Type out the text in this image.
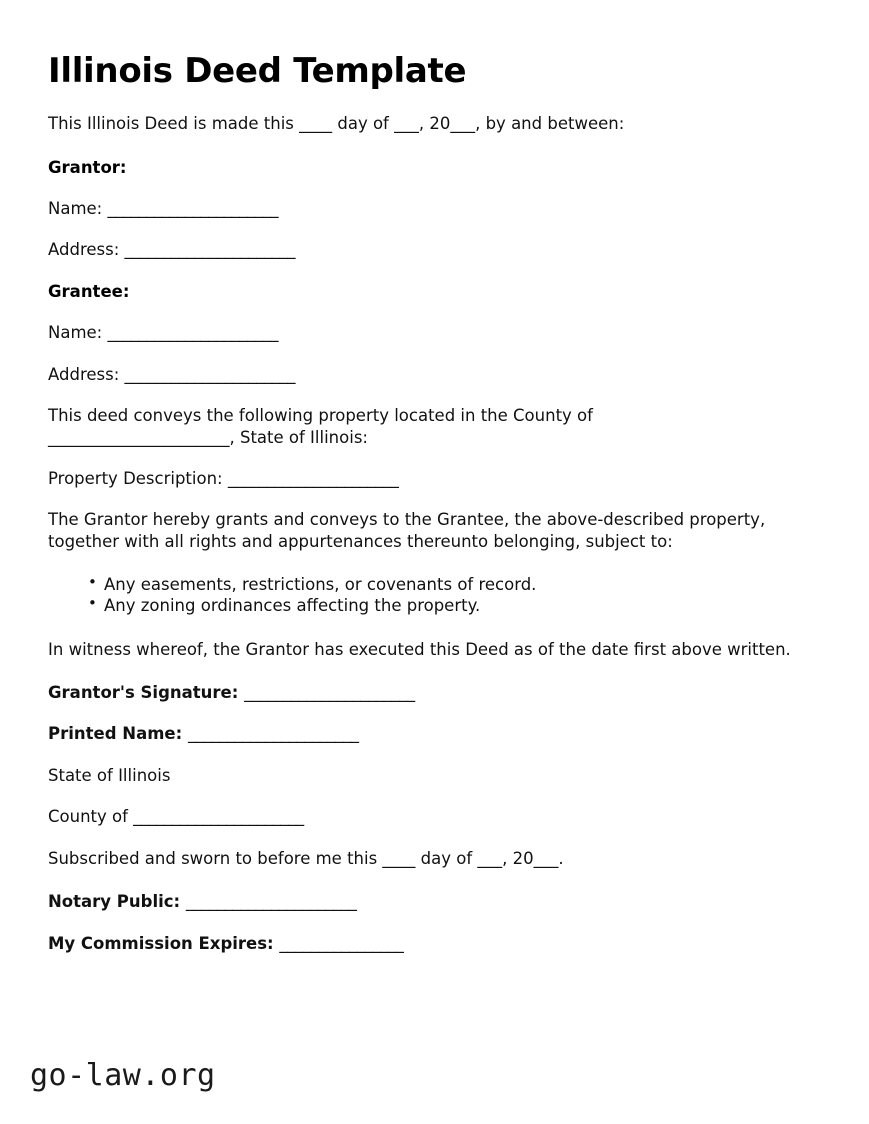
Illinois Deed Template

This Illinois Deed is made this ____ day of ___, 20___, by and between:

Grantor:

Name: ______________________

Address: ______________________

Grantee:

Name: ______________________

Address: ______________________

This deed conveys the following property located in the County of ______________________, State of Illinois:

Property Description: ______________________

The Grantor hereby grants and conveys to the Grantee, the above-described property, together with all rights and appurtenances thereunto belonging, subject to:

• Any easements, restrictions, or covenants of record.
• Any zoning ordinances affecting the property.

In witness whereof, the Grantor has executed this Deed as of the date first above written.

Grantor's Signature: ______________________

Printed Name: ______________________

State of Illinois

County of ______________________

Subscribed and sworn to before me this ____ day of ___, 20___.

Notary Public: ______________________

My Commission Expires: ________________

go-law.org
